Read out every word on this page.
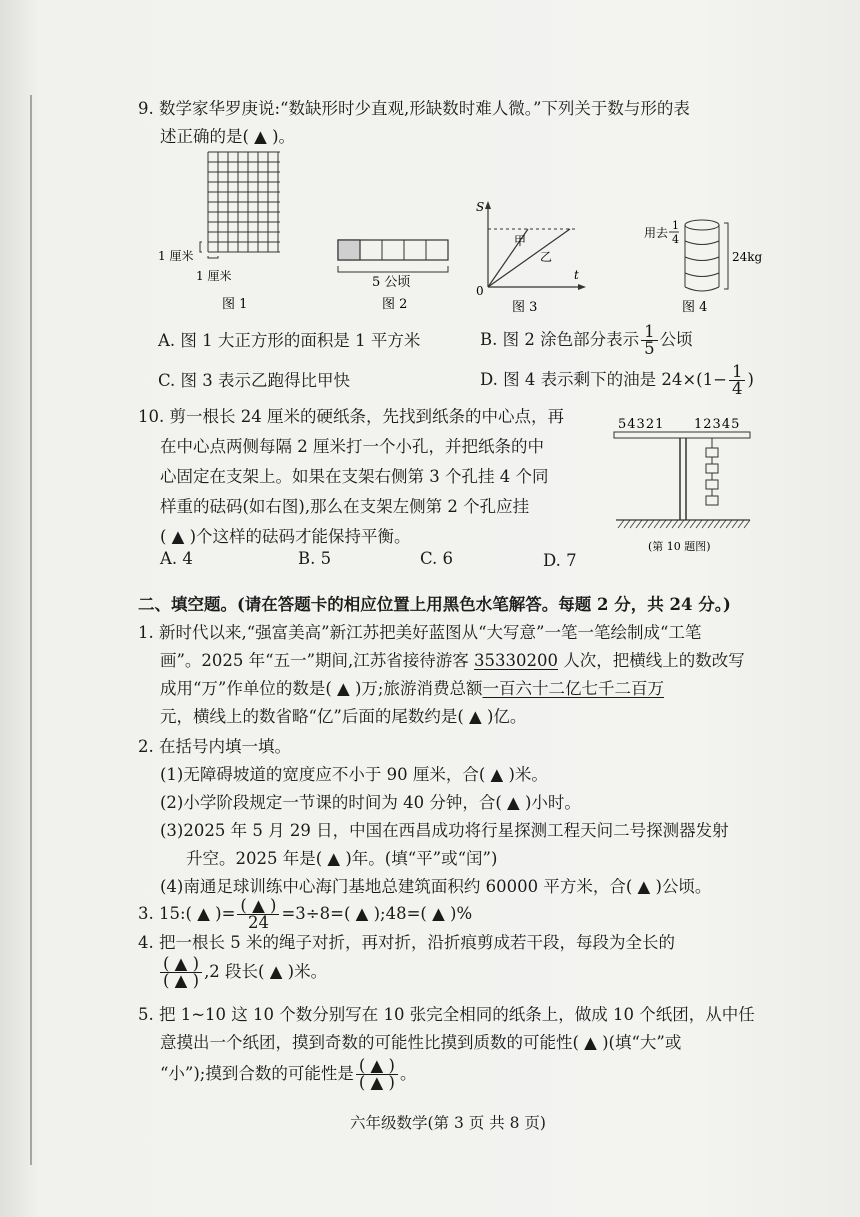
9. 数学家华罗庚说:“数缺形时少直观,形缺数时难人微。”下列关于数与形的表
述正确的是( ▲ )。
1 厘米
1 厘米
图 1
5 公顷
图 2
S
t
0
甲
乙
图 3
用去
1
4
24kg
图 4
A. 图 1 大正方形的面积是 1 平方米	B. 图 2 涂色部分表示 $\frac{1}{5}$ 公顷
C. 图 3 表示乙跑得比甲快	D. 图 4 表示剩下的油是 $24\times(1- \frac{1}{4}$ )
10. 剪一根长 24 厘米的硬纸条，先找到纸条的中心点，再
在中心点两侧每隔 2 厘米打一个小孔，并把纸条的中
心固定在支架上。如果在支架右侧第 3 个孔挂 4 个同
样重的砝码(如右图),那么在支架左侧第 2 个孔应挂
( ▲ )个这样的砝码才能保持平衡。
54321 12345
(第 10 题图)
A. 4	B. 5	C. 6	D. 7
二、填空题。(请在答题卡的相应位置上用黑色水笔解答。每题 2 分，共 24 分。)
1. 新时代以来,“强富美高”新江苏把美好蓝图从“大写意”一笔一笔绘制成“工笔
画”。2025 年“五一”期间,江苏省接待游客 35330200 人次，把横线上的数改写
成用“万”作单位的数是( ▲ )万;旅游消费总额一百六十二亿七千二百万
元，横线上的数省略“亿”后面的尾数约是( ▲ )亿。
2. 在括号内填一填。
(1)无障碍坡道的宽度应不小于 90 厘米，合( ▲ )米。
(2)小学阶段规定一节课的时间为 40 分钟，合( ▲ )小时。
(3)2025 年 5 月 29 日，中国在西昌成功将行星探测工程天问二号探测器发射
升空。2025 年是( ▲ )年。(填“平”或“闰”)
(4)南通足球训练中心海门基地总建筑面积约 60000 平方米，合( ▲ )公顷。
3. 15:( ▲ )= $\frac{( ▲ )}{24} =3\div 8=$( ▲ );48=( ▲ )%
4. 把一根长 5 米的绳子对折，再对折，沿折痕剪成若干段，每段为全长的
$\frac{( ▲ )}{( ▲ )} ,2$ 段长( ▲ )米。
5. 把 1~10 这 10 个数分别写在 10 张完全相同的纸条上，做成 10 个纸团，从中任
意摸出一个纸团，摸到奇数的可能性比摸到质数的可能性( ▲ )(填“大”或
“小”);摸到合数的可能性是 $\frac{( ▲ )}{( ▲ )}$ 。
六年级数学(第 3 页 共 8 页)
